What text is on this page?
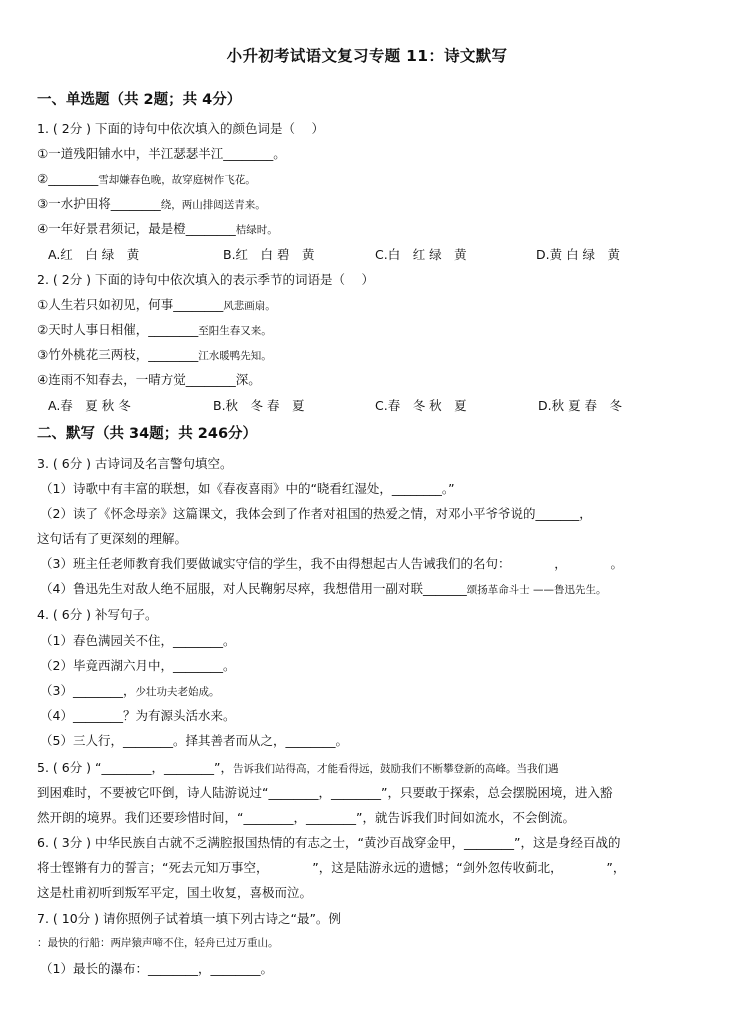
小升初考试语文复习专题 11：诗文默写
一、单选题（共 2题；共 4分）
1. ( 2分 ) 下面的诗句中依次填入的颜色词是（　 ）
①一道残阳铺水中，半江瑟瑟半江________。
②________雪却嫌春色晚，故穿庭树作飞花。
③一水护田将________绕，两山排闼送青来。
④一年好景君须记，最是橙________桔绿时。
A.红　白 绿　黄	B.红　白 碧　黄	C.白　红 绿　黄	D.黄 白 绿　黄
2. ( 2分 ) 下面的诗句中依次填入的表示季节的词语是（　 ）
①人生若只如初见，何事________风悲画扇。
②天时人事日相催，________至阳生春又来。
③竹外桃花三两枝，________江水暖鸭先知。
④连雨不知春去，一晴方觉________深。
A.春　夏 秋 冬	B.秋　冬 春　夏	C.春　冬 秋　夏	D.秋 夏 春　冬
二、默写（共 34题；共 246分）
3. ( 6分 ) 古诗词及名言警句填空。
（1）诗歌中有丰富的联想，如《春夜喜雨》中的“晓看红湿处，________。”
（2）读了《怀念母亲》这篇课文，我体会到了作者对祖国的热爱之情，对邓小平爷爷说的_______，
这句话有了更深刻的理解。
（3）班主任老师教育我们要做诚实守信的学生，我不由得想起古人告诫我们的名句：　　　　，　　　　。
（4）鲁迅先生对敌人绝不屈服，对人民鞠躬尽瘁，我想借用一副对联_______颂扬革命斗士 ——鲁迅先生。
4. ( 6分 ) 补写句子。
（1）春色满园关不住，________。
（2）毕竟西湖六月中，________。
（3）________，少壮功夫老始成。
（4）________？为有源头活水来。
（5）三人行，________。择其善者而从之，________。
5. ( 6分 ) “________，________”，告诉我们站得高，才能看得远，鼓励我们不断攀登新的高峰。当我们遇
到困难时，不要被它吓倒，诗人陆游说过“________，________”，只要敢于探索，总会摆脱困境，进入豁
然开朗的境界。我们还要珍惜时间，“________，________”，就告诉我们时间如流水，不会倒流。
6. ( 3分 ) 中华民族自古就不乏满腔报国热情的有志之士，“黄沙百战穿金甲，________”，这是身经百战的
将士铿锵有力的誓言；“死去元知万事空，　　　　”，这是陆游永远的遗憾；“剑外忽传收蓟北，　　　　”，
这是杜甫初听到叛军平定，国土收复，喜极而泣。
7. ( 10分 ) 请你照例子试着填一填下列古诗之“最”。例
：最快的行船：两岸猿声啼不住，轻舟已过万重山。
（1）最长的瀑布：________，________。
